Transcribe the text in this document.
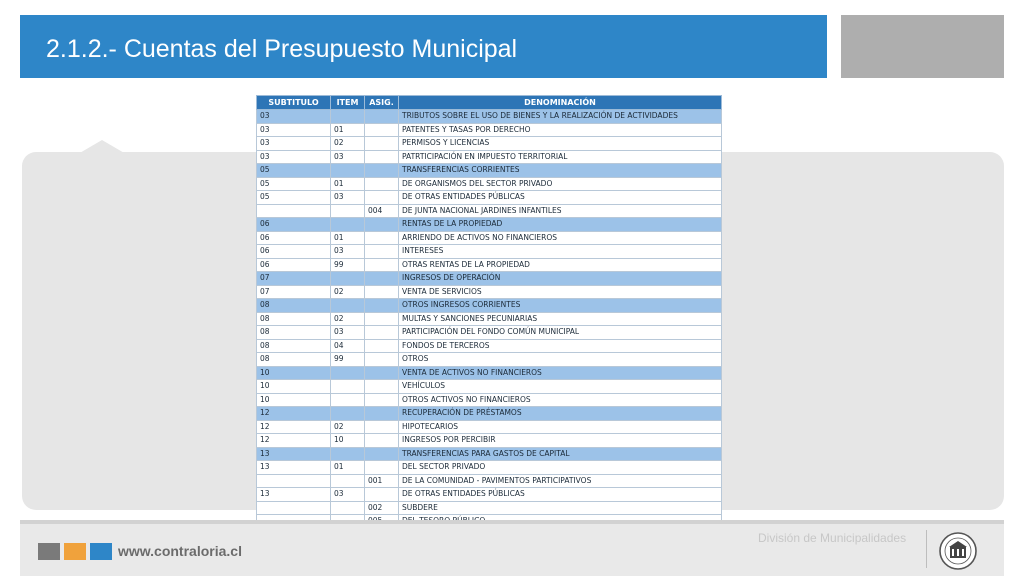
2.1.2.- Cuentas del Presupuesto Municipal
SUBTITULO	ITEM	ASIG.	DENOMINACIÓN
03			TRIBUTOS SOBRE EL USO DE BIENES Y LA REALIZACIÓN DE ACTIVIDADES
03	01		PATENTES Y TASAS POR DERECHO
03	02		PERMISOS Y LICENCIAS
03	03		PATRTICIPACIÓN EN IMPUESTO TERRITORIAL
05			TRANSFERENCIAS CORRIENTES
05	01		DE ORGANISMOS DEL SECTOR PRIVADO
05	03		DE OTRAS ENTIDADES PÚBLICAS
		004	DE JUNTA NACIONAL JARDINES INFANTILES
06			RENTAS DE LA PROPIEDAD
06	01		ARRIENDO DE ACTIVOS NO FINANCIEROS
06	03		INTERESES
06	99		OTRAS RENTAS DE LA PROPIEDAD
07			INGRESOS DE OPERACIÓN
07	02		VENTA DE SERVICIOS
08			OTROS INGRESOS CORRIENTES
08	02		MULTAS Y SANCIONES PECUNIARIAS
08	03		PARTICIPACIÓN DEL FONDO COMÚN MUNICIPAL
08	04		FONDOS DE TERCEROS
08	99		OTROS
10			VENTA DE ACTIVOS NO FINANCIEROS
10			VEHÍCULOS
10			OTROS ACTIVOS NO FINANCIEROS
12			RECUPERACIÓN DE PRÉSTAMOS
12	02		HIPOTECARIOS
12	10		INGRESOS POR PERCIBIR
13			TRANSFERENCIAS PARA GASTOS DE CAPITAL
13	01		DEL SECTOR PRIVADO
		001	DE LA COMUNIDAD - PAVIMENTOS PARTICIPATIVOS
13	03		DE OTRAS ENTIDADES PÚBLICAS
		002	SUBDERE

www.contraloria.cl
División de Municipalidades
